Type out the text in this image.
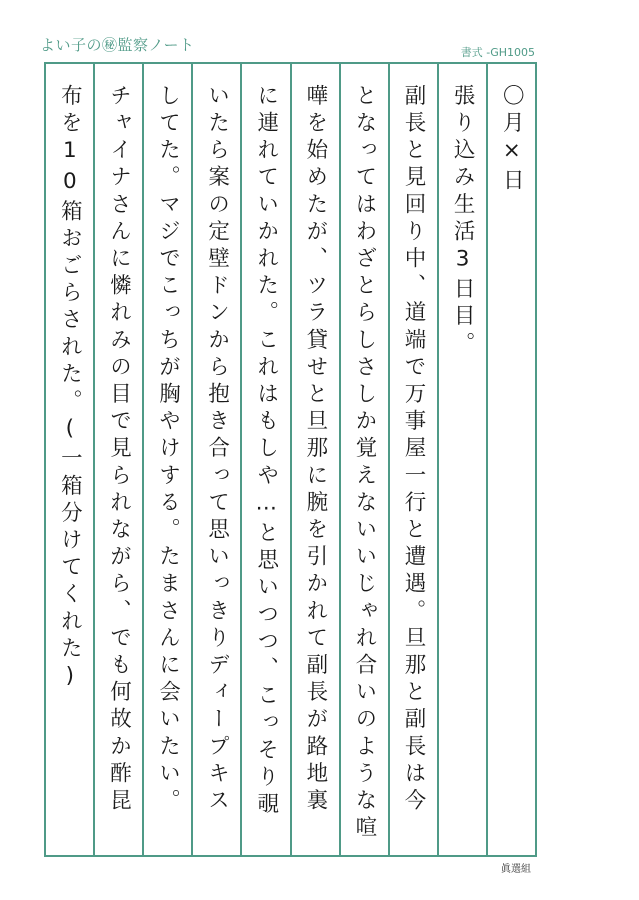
よい子の㊙監察ノート	書式 -GH1005
〇月×日
張り込み生活3日目。
副長と見回り中、道端で万事屋一行と遭遇。旦那と副長は今
となってはわざとらしさしか覚えないいじゃれ合いのような喧
嘩を始めたが、ツラ貸せと旦那に腕を引かれて副長が路地裏
に連れていかれた。これはもしや…と思いつつ、こっそり覗
いたら案の定壁ドンから抱き合って思いっきりディープキス
してた。マジでこっちが胸やけする。たまさんに会いたい。
チャイナさんに憐れみの目で見られながら、でも何故か酢昆
布を10箱おごらされた。(一箱分けてくれた)
眞選組
